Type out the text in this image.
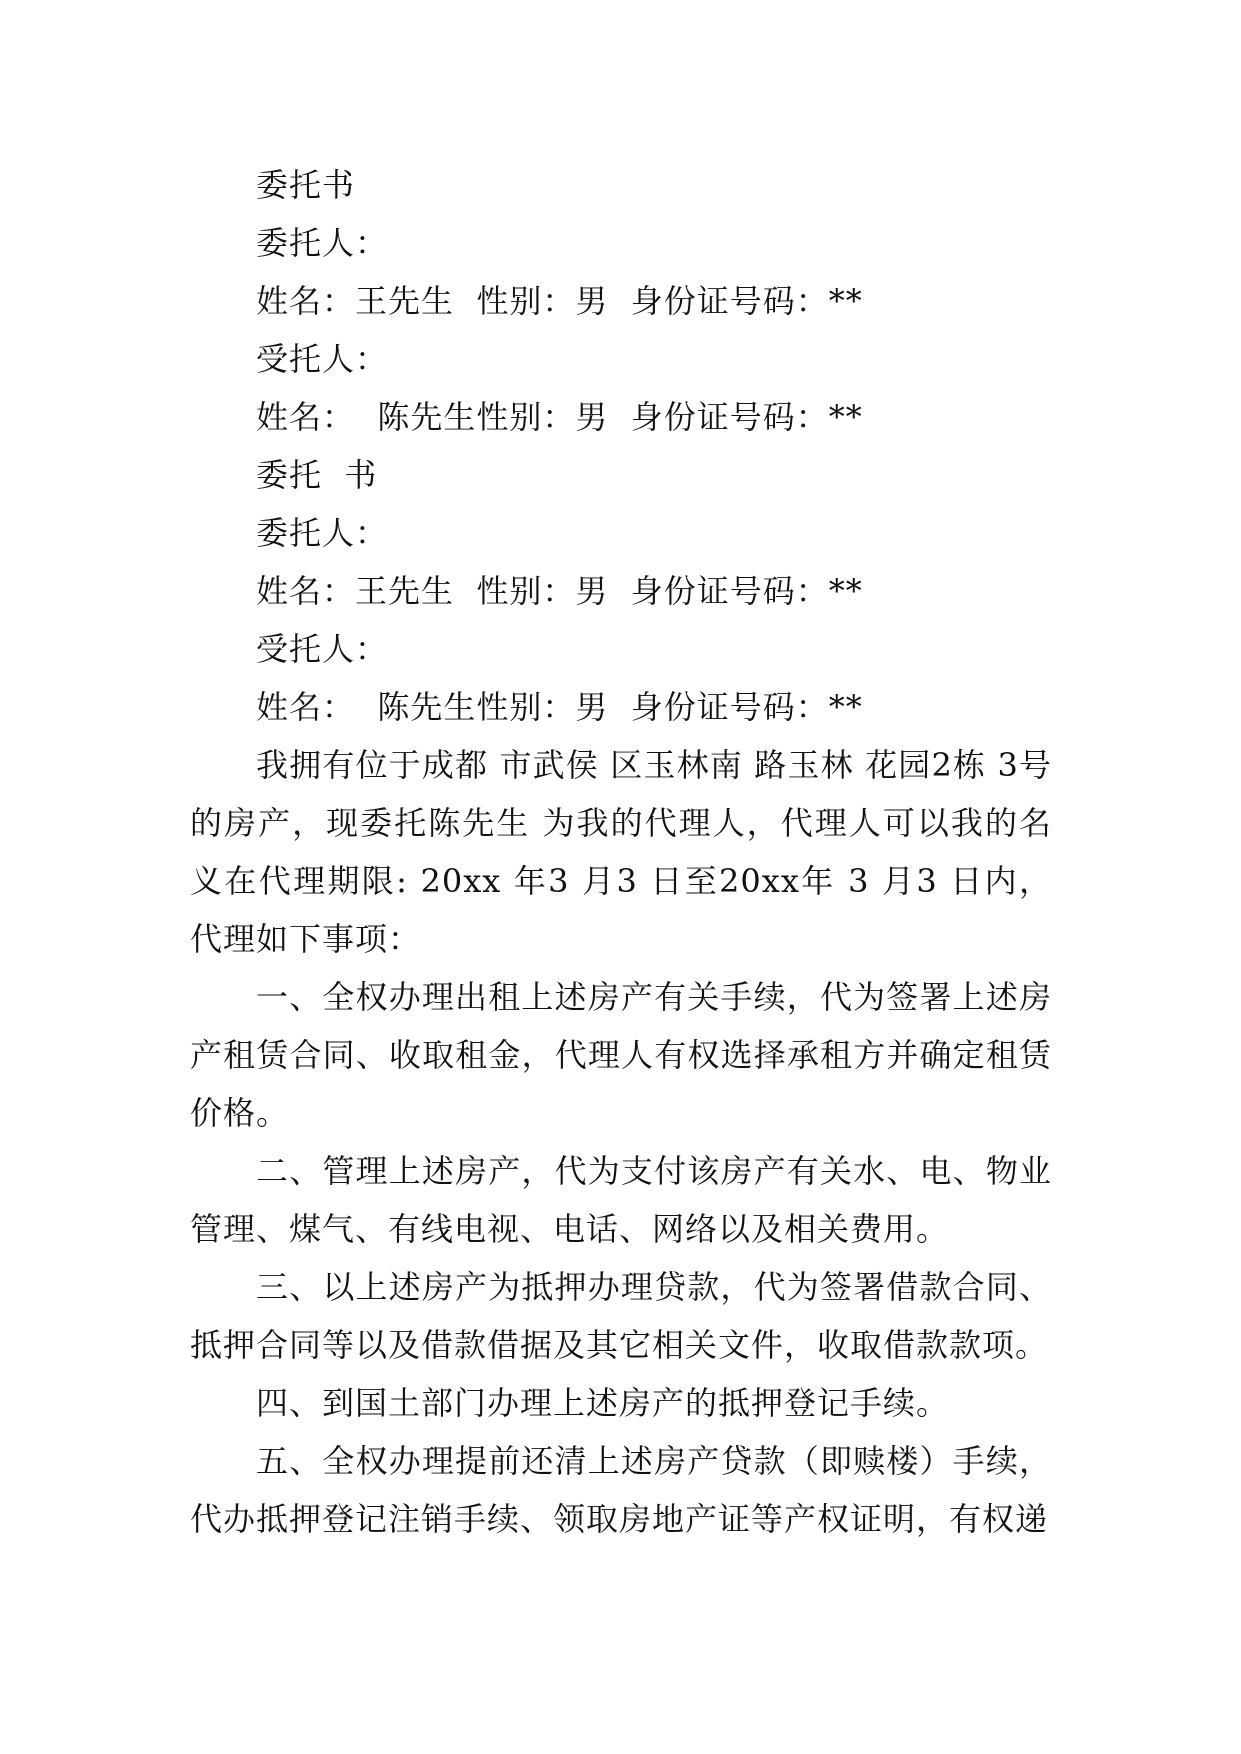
委托书
委托人：
姓名：王先生  性别：男  身份证号码：**
受托人：
姓名：  陈先生性别：男  身份证号码：**
委托  书
委托人：
姓名：王先生  性别：男  身份证号码：**
受托人：
姓名：  陈先生性别：男  身份证号码：**

我拥有位于成都 市武侯 区玉林南 路玉林 花园2栋 3号的房产，现委托陈先生 为我的代理人，代理人可以我的名义在代理期限: 20xx 年3 月3 日至20xx年 3 月3 日内，代理如下事项：

一、全权办理出租上述房产有关手续，代为签署上述房产租赁合同、收取租金，代理人有权选择承租方并确定租赁价格。

二、管理上述房产，代为支付该房产有关水、电、物业管理、煤气、有线电视、电话、网络以及相关费用。

三、以上述房产为抵押办理贷款，代为签署借款合同、抵押合同等以及借款借据及其它相关文件，收取借款款项。

四、到国土部门办理上述房产的抵押登记手续。

五、全权办理提前还清上述房产贷款（即赎楼）手续，代办抵押登记注销手续、领取房地产证等产权证明，有权递
